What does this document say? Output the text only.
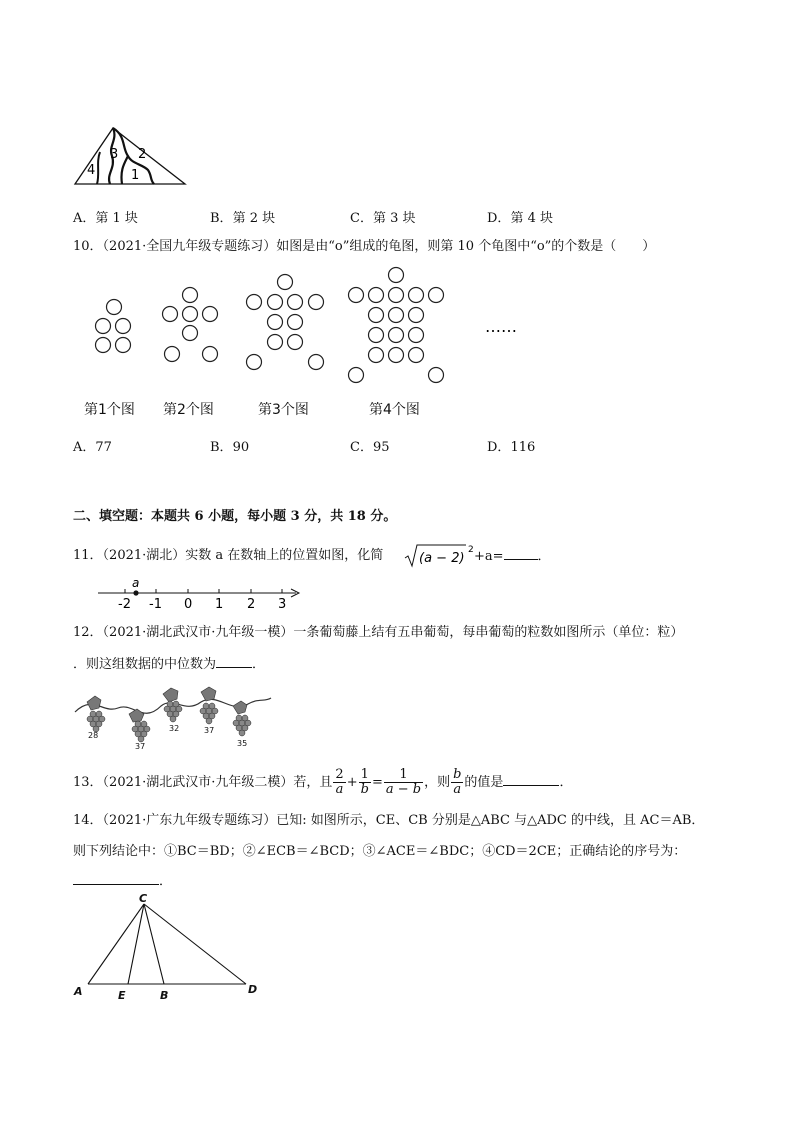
2
3
4	1
A．第 1 块	B．第 2 块	C．第 3 块	D．第 4 块
10．（2021·全国九年级专题练习）如图是由“o”组成的龟图，则第 10 个龟图中“o”的个数是（　　）
……
第1个图 第2个图	第3个图	第4个图
A．77	B．90	C．95	D．116
二、填空题：本题共 6 小题，每小题 3 分，共 18 分。
11．（2021·湖北）实数 a 在数轴上的位置如图，化简	(a − 2)
2 +a=	．
a
-2 -1 0 1 2 3
12．（2021·湖北武汉市·九年级一模）一条葡萄藤上结有五串葡萄，每串葡萄的粒数如图所示（单位：粒）
．则这组数据的中位数为	．
28
37
32	37
35
13．（2021·湖北武汉市·九年级二模）若，且 $\frac{2}{a} + \frac{1}{b} = \frac{1}{a - b}$ ，则 $\frac{b}{a}$ 的值是	．
14．（2021·广东九年级专题练习）已知: 如图所示，CE、CB 分别是△ABC 与△ADC 的中线，且 AC＝AB．
则下列结论中：①BC＝BD；②∠ECB＝∠BCD；③∠ACE＝∠BDC；④CD＝2CE；正确结论的序号为：
．
C
A	E	B	D
